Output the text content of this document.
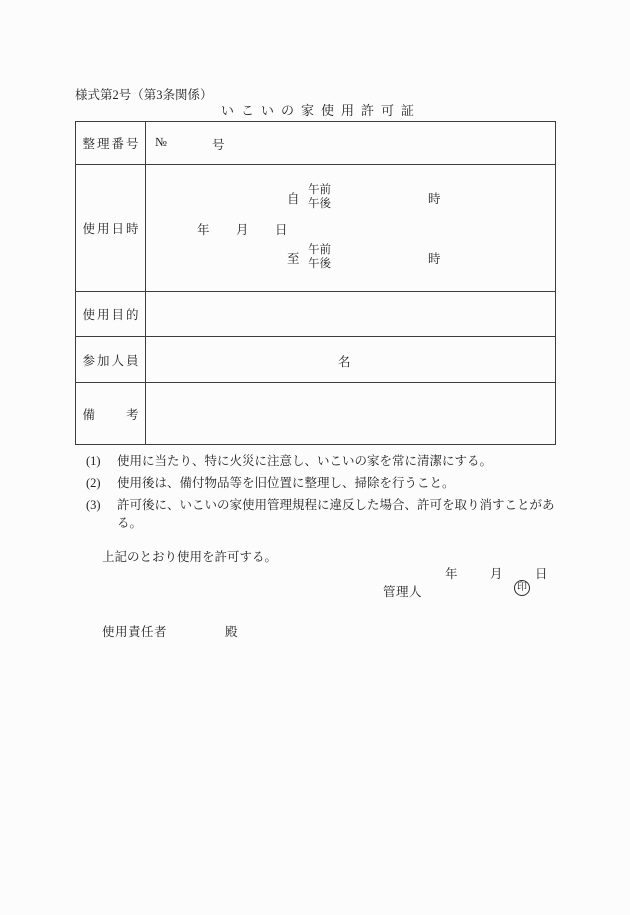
様式第2号（第3条関係）
いこいの家使用許可証
整理番号	№	号
使用日時	年　　月　　日
自
午前
午後	時
至
午前
午後	時
使用目的
参加人員	名
備　　考
(1)	使用に当たり、特に火災に注意し、いこいの家を常に清潔にする。
(2)	使用後は、備付物品等を旧位置に整理し、掃除を行うこと。
(3)	許可後に、いこいの家使用管理規程に違反した場合、許可を取り消すことがある。
上記のとおり使用を許可する。
年　月　日
管理人	印
使用責任者	殿
